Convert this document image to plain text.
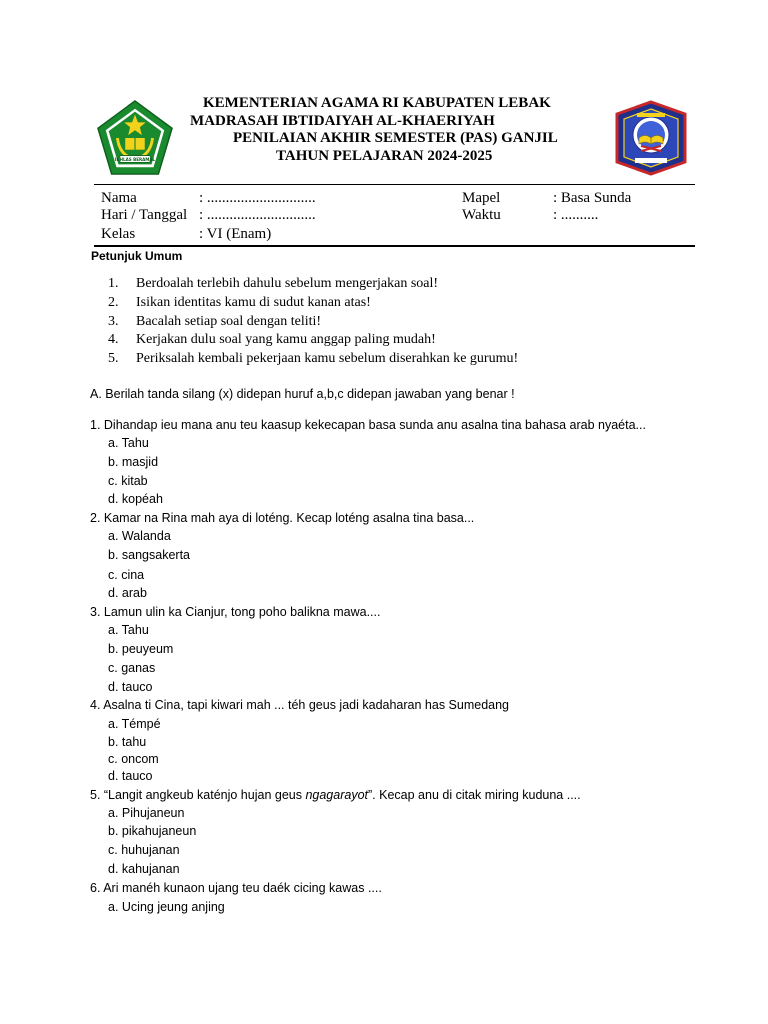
IKHLAS BERAMAL
KEMENTERIAN AGAMA RI KABUPATEN LEBAK
MADRASAH IBTIDAIYAH AL-KHAERIYAH
PENILAIAN AKHIR SEMESTER (PAS) GANJIL
TAHUN PELAJARAN 2024-2025
Nama	: .............................
Hari / Tanggal : .............................
Kelas	: VI (Enam)
Mapel	: Basa Sunda
Waktu	: ..........
Petunjuk Umum
1. Berdoalah terlebih dahulu sebelum mengerjakan soal!
2. Isikan identitas kamu di sudut kanan atas!
3. Bacalah setiap soal dengan teliti!
4. Kerjakan dulu soal yang kamu anggap paling mudah!
5. Periksalah kembali pekerjaan kamu sebelum diserahkan ke gurumu!
A. Berilah tanda silang (x) didepan huruf a,b,c didepan jawaban yang benar !
1. Dihandap ieu mana anu teu kaasup kekecapan basa sunda anu asalna tina bahasa arab nyaéta...
a. Tahu
b. masjid
c. kitab
d. kopéah
2. Kamar na Rina mah aya di loténg. Kecap loténg asalna tina basa...
a. Walanda
b. sangsakerta
c. cina
d. arab
3. Lamun ulin ka Cianjur, tong poho balikna mawa....
a. Tahu
b. peuyeum
c. ganas
d. tauco
4. Asalna ti Cina, tapi kiwari mah ... téh geus jadi kadaharan has Sumedang
a. Témpé
b. tahu
c. oncom
d. tauco
5. “Langit angkeub katénjo hujan geus ngagarayot”. Kecap anu di citak miring kuduna ....
a. Pihujaneun
b. pikahujaneun
c. huhujanan
d. kahujanan
6. Ari manéh kunaon ujang teu daék cicing kawas ....
a. Ucing jeung anjing
